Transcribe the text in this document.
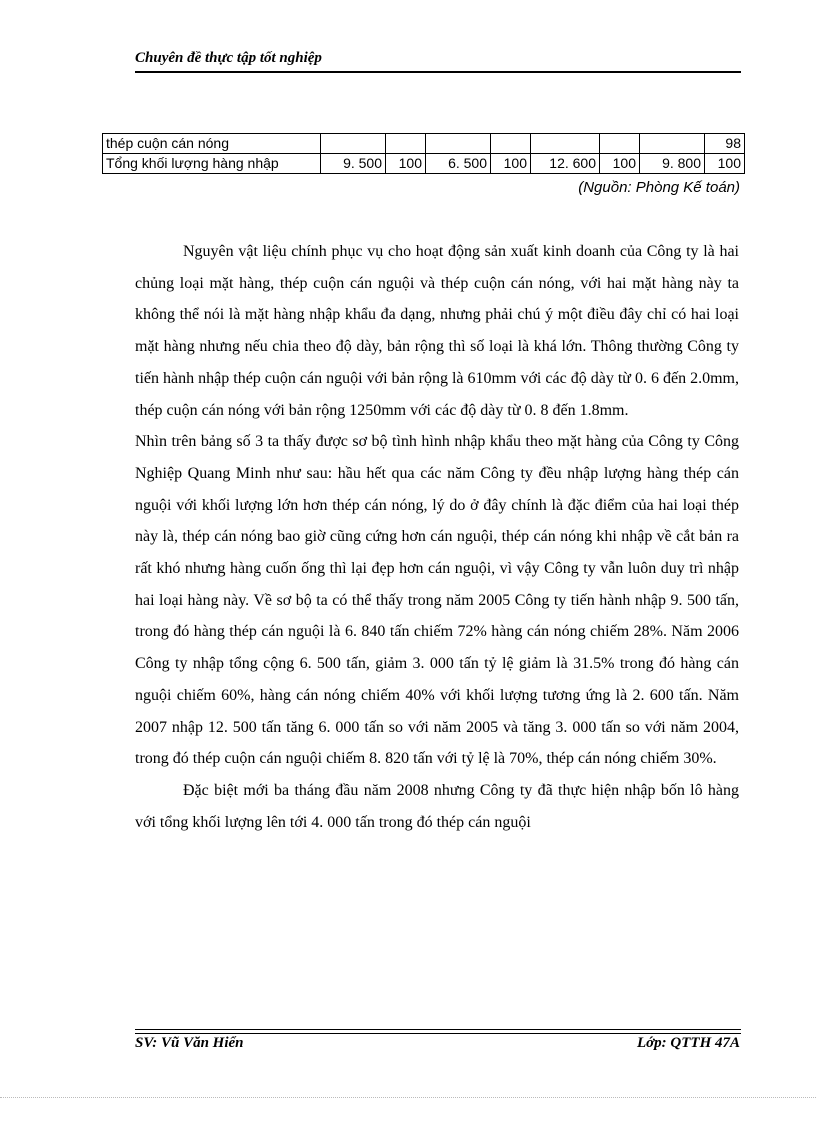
Chuyên đề thực tập tốt nghiệp
thép cuộn cán nóng								98
Tổng khối lượng hàng nhập	9. 500	100	6. 500	100	12. 600	100	9. 800	100
(Nguồn: Phòng Kế toán)

Nguyên vật liệu chính phục vụ cho hoạt động sản xuất kinh doanh của Công ty là hai chủng loại mặt hàng, thép cuộn cán nguội và thép cuộn cán nóng, với hai mặt hàng này ta không thể nói là mặt hàng nhập khẩu đa dạng, nhưng phải chú ý một điều đây chỉ có hai loại mặt hàng nhưng nếu chia theo độ dày, bản rộng thì số loại là khá lớn. Thông thường Công ty tiến hành nhập thép cuộn cán nguội với bản rộng là 610mm với các độ dày từ 0. 6 đến 2.0mm, thép cuộn cán nóng với bản rộng 1250mm với các độ dày từ 0. 8 đến 1.8mm.

Nhìn trên bảng số 3 ta thấy được sơ bộ tình hình nhập khẩu theo mặt hàng của Công ty Công Nghiệp Quang Minh như sau: hầu hết qua các năm Công ty đều nhập lượng hàng thép cán nguội với khối lượng lớn hơn thép cán nóng, lý do ở đây chính là đặc điểm của hai loại thép này là, thép cán nóng bao giờ cũng cứng hơn cán nguội, thép cán nóng khi nhập về cắt bản ra rất khó nhưng hàng cuốn ống thì lại đẹp hơn cán nguội, vì vậy Công ty vẫn luôn duy trì nhập hai loại hàng này. Về sơ bộ ta có thể thấy trong năm 2005 Công ty tiến hành nhập 9. 500 tấn, trong đó hàng thép cán nguội là 6. 840 tấn chiếm 72% hàng cán nóng chiếm 28%. Năm 2006 Công ty nhập tổng cộng 6. 500 tấn, giảm 3. 000 tấn tỷ lệ giảm là 31.5% trong đó hàng cán nguội chiếm 60%, hàng cán nóng chiếm 40% với khối lượng tương ứng là 2. 600 tấn. Năm 2007 nhập 12. 500 tấn tăng 6. 000 tấn so với năm 2005 và tăng 3. 000 tấn so với năm 2004, trong đó thép cuộn cán nguội chiếm 8. 820 tấn với tỷ lệ là 70%, thép cán nóng chiếm 30%.

Đặc biệt mới ba tháng đầu năm 2008 nhưng Công ty đã thực hiện nhập bốn lô hàng với tổng khối lượng lên tới 4. 000 tấn trong đó thép cán nguội

SV: Vũ Văn Hiển	Lớp: QTTH 47A
